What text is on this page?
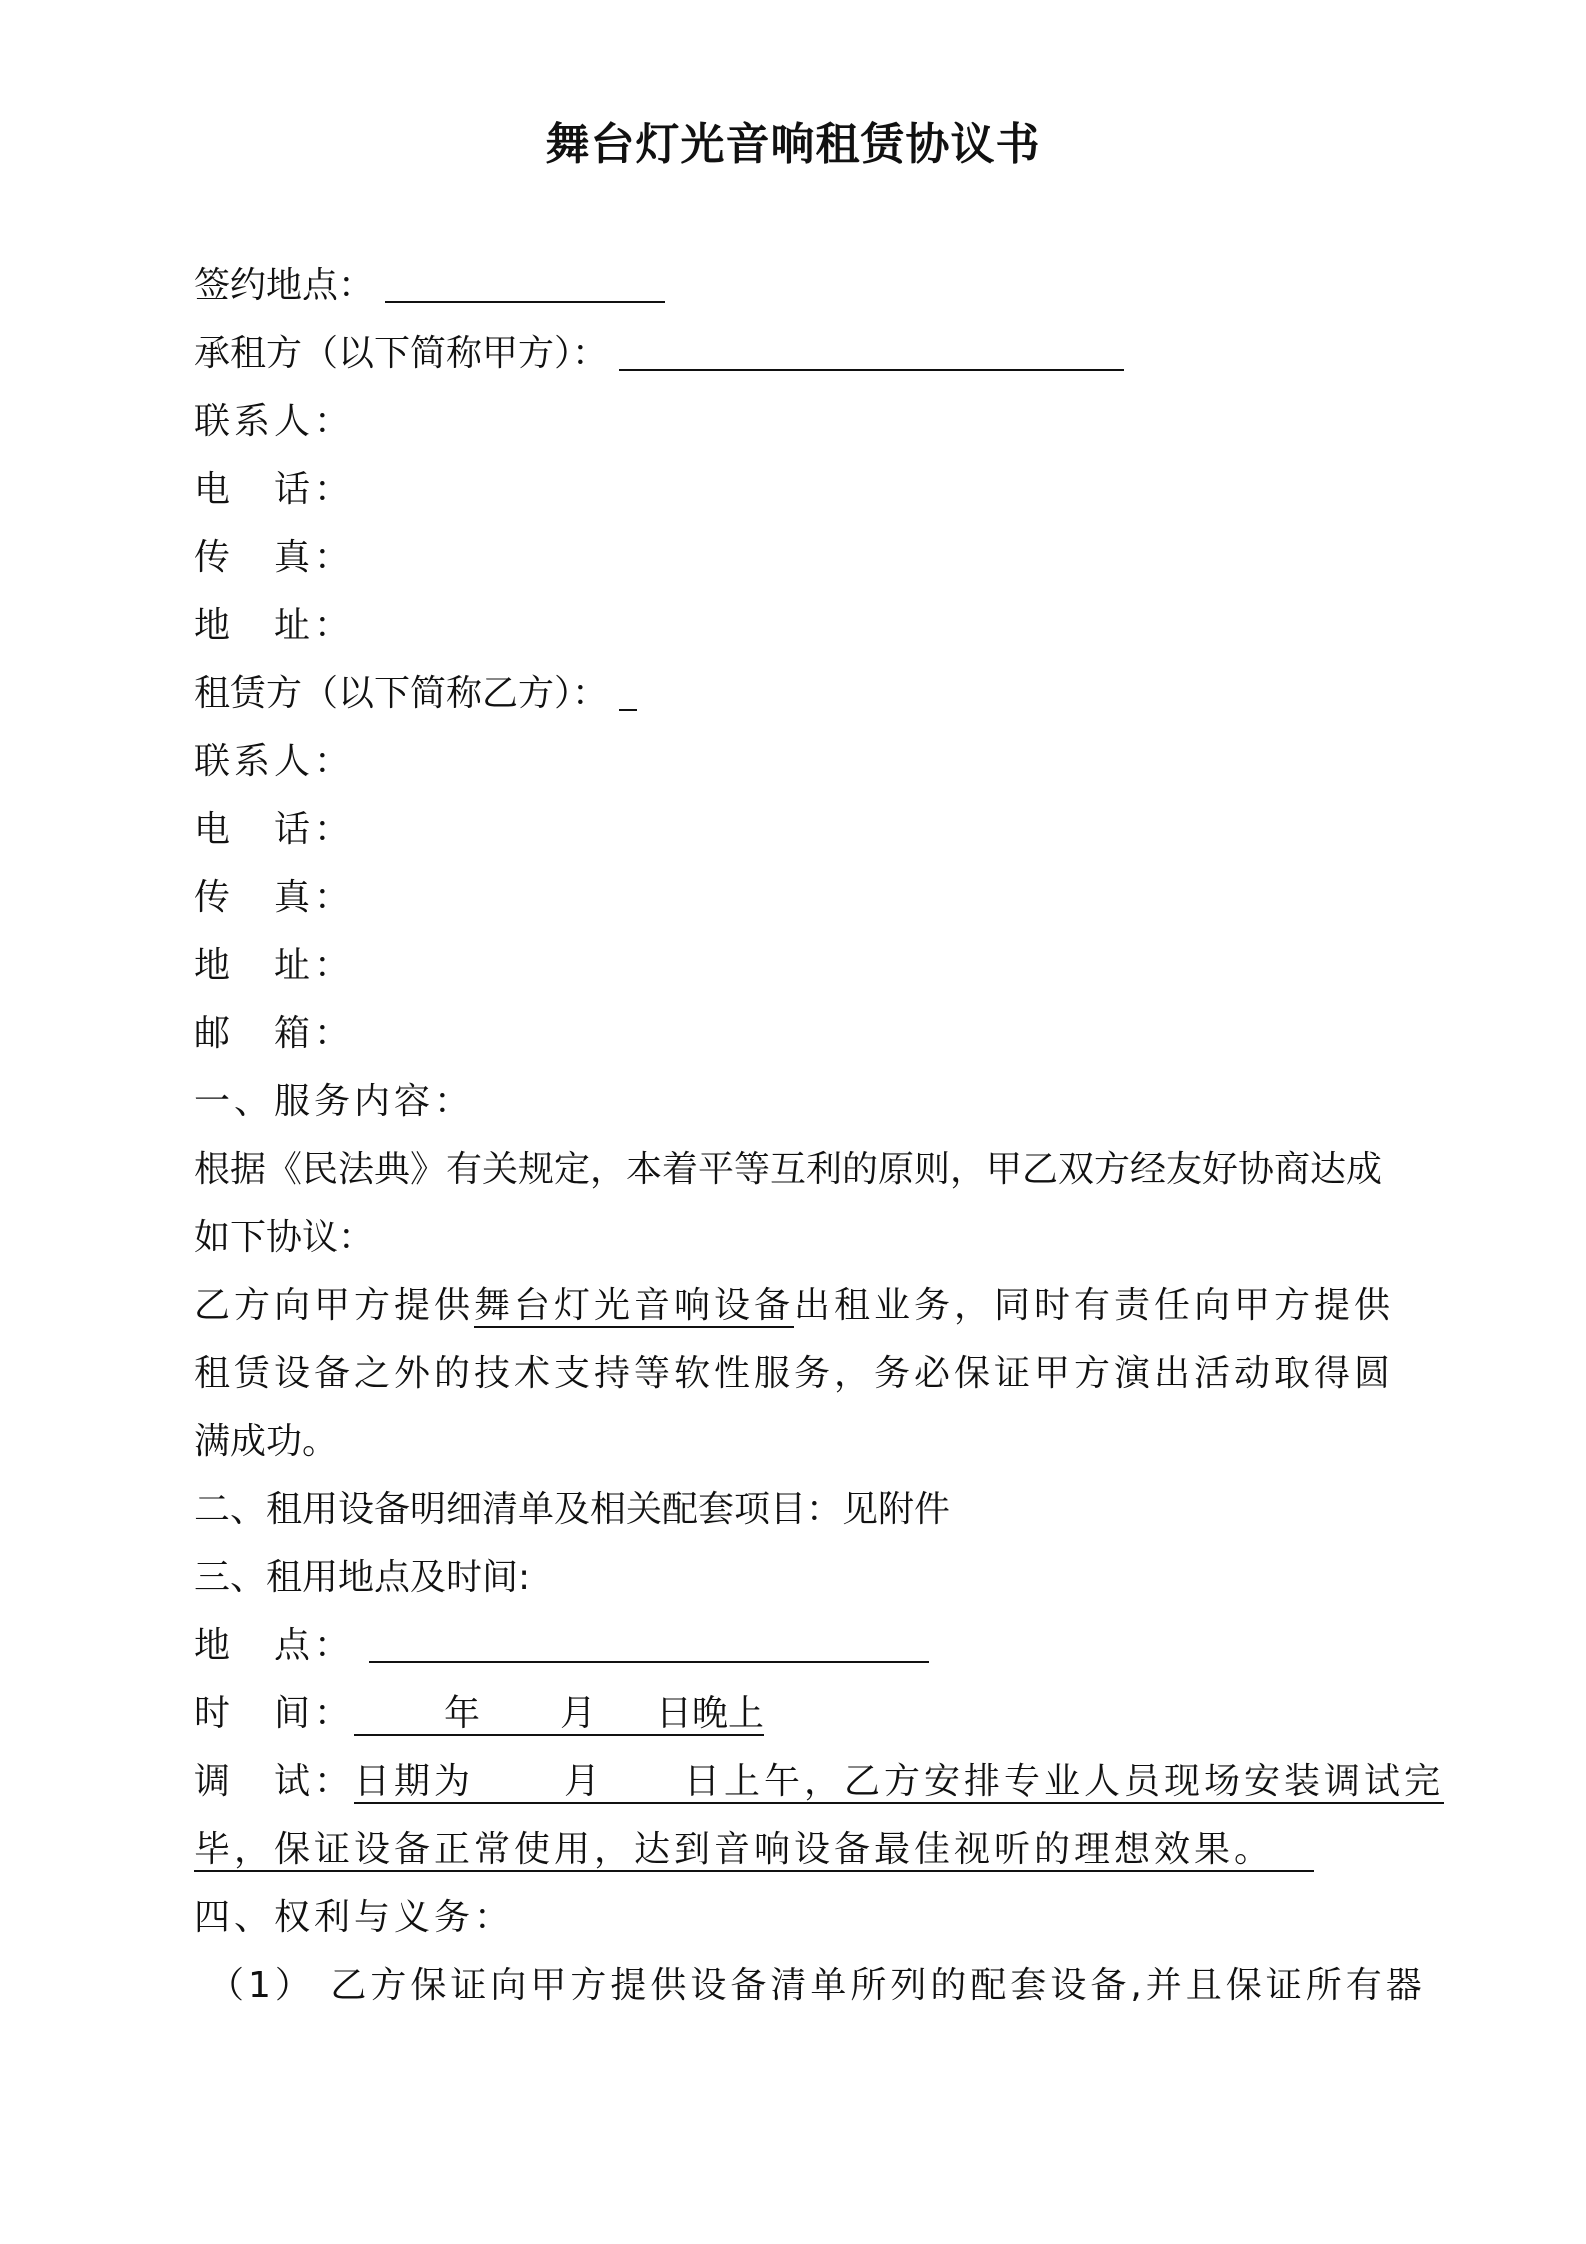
舞台灯光音响租赁协议书
签约地点：
承租方（以下简称甲方）：
联系人：
电　话：
传　真：
地　址：
租赁方（以下简称乙方）：
联系人：
电　话：
传　真：
地　址：
邮　箱：
一、服务内容：
根据《民法典》有关规定，本着平等互利的原则，甲乙双方经友好协商达成
如下协议：
乙方向甲方提供舞台灯光音响设备出租业务，同时有责任向甲方提供
租赁设备之外的技术支持等软性服务，务必保证甲方演出活动取得圆
满成功。
二、租用设备明细清单及相关配套项目：见附件
三、租用地点及时间:
地　点：
时　间：	年 月 日晚上
调　试：日期为	月 日上午，乙方安排专业人员现场安装调试完
毕，保证设备正常使用，达到音响设备最佳视听的理想效果。
四、权利与义务：
（1） 乙方保证向甲方提供设备清单所列的配套设备,并且保证所有器
